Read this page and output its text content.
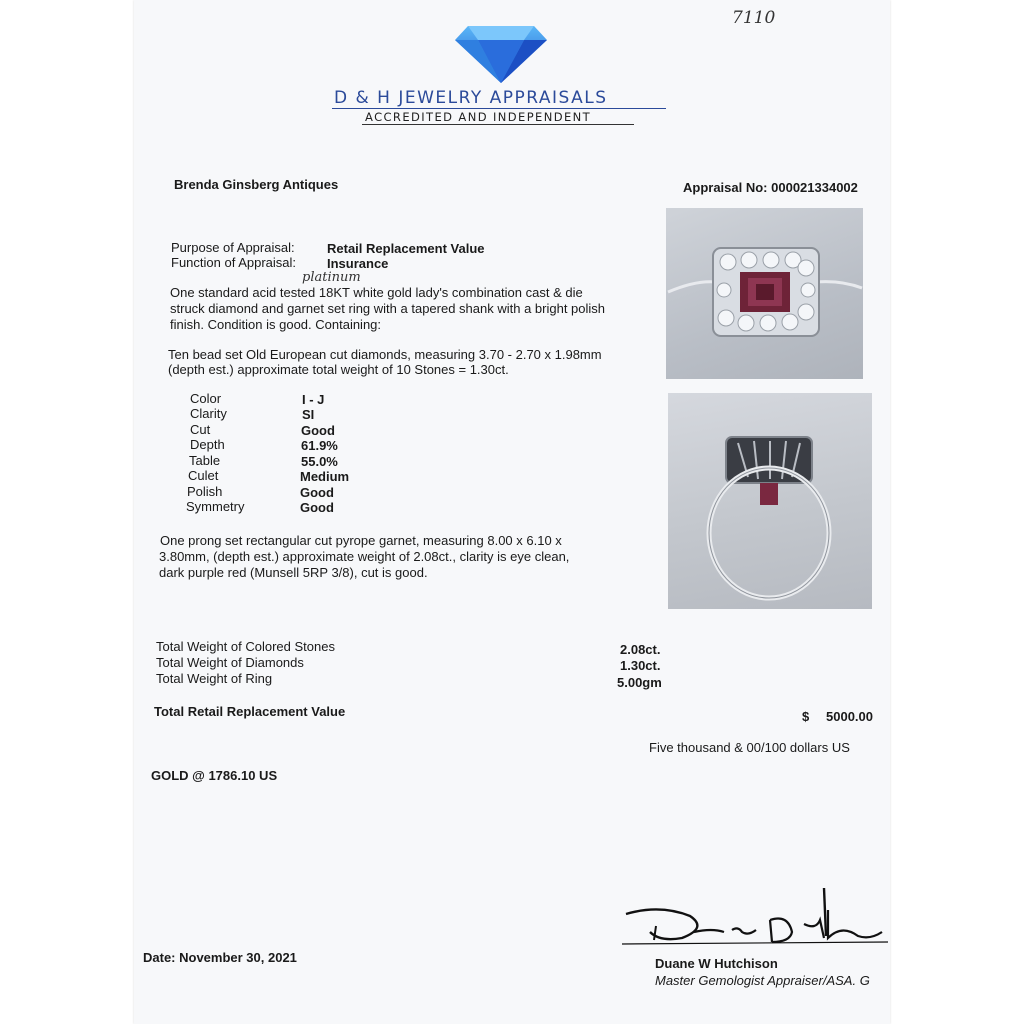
7110
D & H JEWELRY APPRAISALS
ACCREDITED AND INDEPENDENT
Brenda Ginsberg Antiques	Appraisal No: 000021334002
Purpose of Appraisal: Retail Replacement Value
Function of Appraisal: Insurance
platinum
One standard acid tested 18KT white gold lady's combination cast & die
struck diamond and garnet set ring with a tapered shank with a bright polish
finish. Condition is good. Containing:
Ten bead set Old European cut diamonds, measuring 3.70 - 2.70 x 1.98mm
(depth est.) approximate total weight of 10 Stones = 1.30ct.
Color	I - J
Clarity	SI
Cut	Good
Depth	61.9%
Table	55.0%
Culet	Medium
Polish	Good
Symmetry	Good
One prong set rectangular cut pyrope garnet, measuring 8.00 x 6.10 x
3.80mm, (depth est.) approximate weight of 2.08ct., clarity is eye clean,
dark purple red (Munsell 5RP 3/8), cut is good.
Total Weight of Colored Stones	2.08ct.
Total Weight of Diamonds	1.30ct.
Total Weight of Ring	5.00gm
Total Retail Replacement Value	$ 5000.00
Five thousand & 00/100 dollars US
GOLD @ 1786.10 US
Date: November 30, 2021	Duane W Hutchison
Master Gemologist Appraiser/ASA. G
